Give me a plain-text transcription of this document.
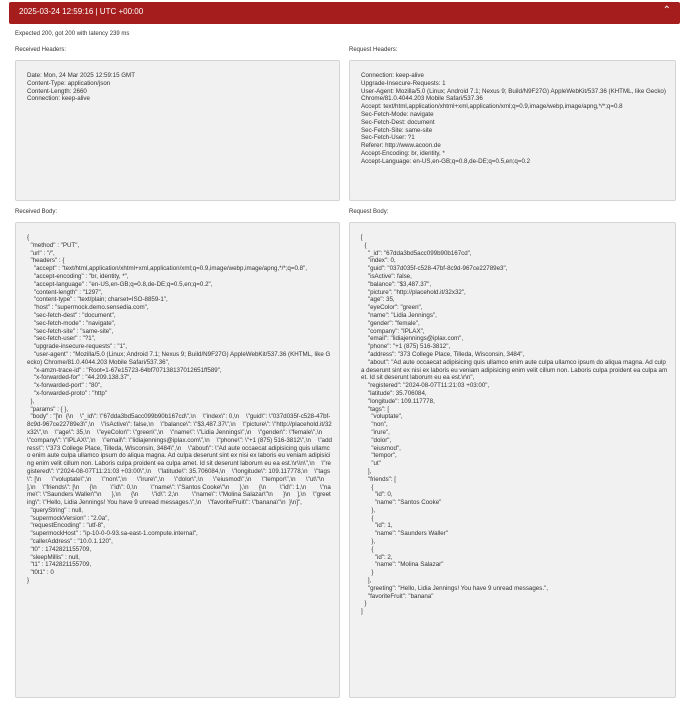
2025-03-24 12:59:16 | UTC +00:00	⌃
Expected 200, got 200 with latency 239 ms
Received Headers:
Date: Mon, 24 Mar 2025 12:59:15 GMT
Content-Type: application/json
Content-Length: 2660
Connection: keep-alive
Request Headers:
Connection: keep-alive
Upgrade-Insecure-Requests: 1
User-Agent: Mozilla/5.0 (Linux; Android 7.1; Nexus 9; Build/N9F27G) AppleWebKit/537.36 (KHTML, like Gecko) Chrome/81.0.4044.203 Mobile Safari/537.36
Accept: text/html,application/xhtml+xml,application/xml;q=0.9,image/webp,image/apng,*/*;q=0.8
Sec-Fetch-Mode: navigate
Sec-Fetch-Dest: document
Sec-Fetch-Site: same-site
Sec-Fetch-User: ?1
Referer: http://www.acoon.de
Accept-Encoding: br, identity, *
Accept-Language: en-US,en-GB;q=0.8,de-DE;q=0.5,en;q=0.2
Received Body:
{
"method" : "PUT",
"url" : "/",
"headers" : {
"accept" : "text/html,application/xhtml+xml,application/xml;q=0.9,image/webp,image/apng,*/*;q=0.8",
"accept-encoding" : "br, identity, *",
"accept-language" : "en-US,en-GB;q=0.8,de-DE;q=0.5,en;q=0.2",
"content-length" : "1297",
"content-type" : "text/plain; charset=ISO-8859-1",
"host" : "supermock.demo.sensedia.com",
"sec-fetch-dest" : "document",
"sec-fetch-mode" : "navigate",
"sec-fetch-site" : "same-site",
"sec-fetch-user" : "?1",
"upgrade-insecure-requests" : "1",
"user-agent" : "Mozilla/5.0 (Linux; Android 7.1; Nexus 9; Build/N9F27G) AppleWebKit/537.36 (KHTML, like Gecko) Chrome/81.0.4044.203 Mobile Safari/537.36",
"x-amzn-trace-id" : "Root=1-67e15723-64bf707138137012651ff589",
"x-forwarded-for" : "44.209.138.37",
"x-forwarded-port" : "80",
"x-forwarded-proto" : "http"
},
"params" : { },
"body" : "[\n  {\n    \"_id\": \"67dda3bd5acc099b90b167cd\",\n    \"index\": 0,\n    \"guid\": \"037d035f-c528-47bf-8c9d-967ce22789e3\",\n    \"isActive\": false,\n    \"balance\": \"$3,487.37\",\n    \"picture\": \"http://placehold.it/32x32\",\n    \"age\": 35,\n    \"eyeColor\": \"green\",\n    \"name\": \"Lidia Jennings\",\n    \"gender\": \"female\",\n    \"company\": \"IPLAX\",\n    \"email\": \"lidiajennings@iplax.com\",\n    \"phone\": \"+1 (875) 516-3812\",\n    \"address\": \"373 College Place, Tilleda, Wisconsin, 3484\",\n    \"about\": \"Ad aute occaecat adipisicing quis ullamco enim aute culpa ullamco ipsum do aliqua magna. Ad culpa deserunt sint ex nisi ex laboris eu veniam adipisicing enim velit cillum non. Laboris culpa proident ea culpa amet. Id sit deserunt laborum eu ea est.\\r\\n\",\n    \"registered\": \"2024-08-07T11:21:03 +03:00\",\n    \"latitude\": 35.706084,\n    \"longitude\": 109.117778,\n    \"tags\": [\n      \"voluptate\",\n      \"non\",\n      \"irure\",\n      \"dolor\",\n      \"eiusmod\",\n      \"tempor\",\n      \"ut\"\n    ],\n    \"friends\": [\n      {\n        \"id\": 0,\n        \"name\": \"Santos Cooke\"\n      },\n      {\n        \"id\": 1,\n        \"name\": \"Saunders Waller\"\n      },\n      {\n        \"id\": 2,\n        \"name\": \"Molina Salazar\"\n      }\n    ],\n    \"greeting\": \"Hello, Lidia Jennings! You have 9 unread messages.\",\n    \"favoriteFruit\": \"banana\"\n  }\n]",
"queryString" : null,
"supermockVersion" : "2.0a",
"requestEncoding" : "utf-8",
"supermockHost" : "ip-10-0-0-93.sa-east-1.compute.internal",
"callerAddress" : "10.0.1.120",
"t0" : 1742821155709,
"sleepMillis" : null,
"t1" : 1742821155709,
"t0t1" : 0
}
Request Body:
[
{
"_id": "67dda3bd5acc099b90b167cd",
"index": 0,
"guid": "037d035f-c528-47bf-8c9d-967ce22789e3",
"isActive": false,
"balance": "$3,487.37",
"picture": "http://placehold.it/32x32",
"age": 35,
"eyeColor": "green",
"name": "Lidia Jennings",
"gender": "female",
"company": "IPLAX",
"email": "lidiajennings@iplax.com",
"phone": "+1 (875) 516-3812",
"address": "373 College Place, Tilleda, Wisconsin, 3484",
"about": "Ad aute occaecat adipisicing quis ullamco enim aute culpa ullamco ipsum do aliqua magna. Ad culpa deserunt sint ex nisi ex laboris eu veniam adipisicing enim velit cillum non. Laboris culpa proident ea culpa amet. Id sit deserunt laborum eu ea est.\r\n",
"registered": "2024-08-07T11:21:03 +03:00",
"latitude": 35.706084,
"longitude": 109.117778,
"tags": [
"voluptate",
"non",
"irure",
"dolor",
"eiusmod",
"tempor",
"ut"
],
"friends": [
{
"id": 0,
"name": "Santos Cooke"
},
{
"id": 1,
"name": "Saunders Waller"
},
{
"id": 2,
"name": "Molina Salazar"
}
],
"greeting": "Hello, Lidia Jennings! You have 9 unread messages.",
"favoriteFruit": "banana"
}
]
